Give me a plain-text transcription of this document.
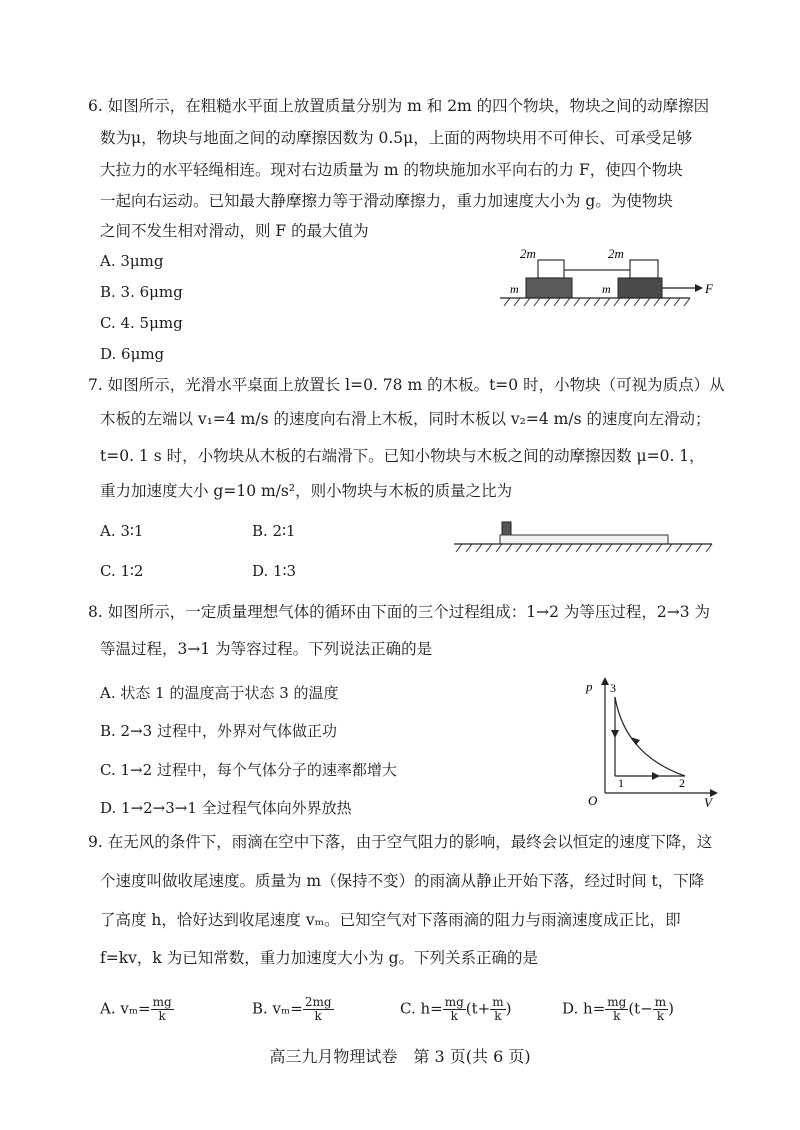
6. 如图所示，在粗糙水平面上放置质量分别为 m 和 2m 的四个物块，物块之间的动摩擦因
数为μ，物块与地面之间的动摩擦因数为 0.5μ，上面的两物块用不可伸长、可承受足够
大拉力的水平轻绳相连。现对右边质量为 m 的物块施加水平向右的力 F，使四个物块
一起向右运动。已知最大静摩擦力等于滑动摩擦力，重力加速度大小为 g。为使物块
之间不发生相对滑动，则 F 的最大值为
A. 3μmg
B. 3. 6μmg
C. 4. 5μmg
D. 6μmg
2m	2m
m	m	F
7. 如图所示，光滑水平桌面上放置长 l=0. 78 m 的木板。t=0 时，小物块（可视为质点）从
木板的左端以 v₁=4 m/s 的速度向右滑上木板，同时木板以 v₂=4 m/s 的速度向左滑动；
t=0. 1 s 时，小物块从木板的右端滑下。已知小物块与木板之间的动摩擦因数 μ=0. 1，
重力加速度大小 g=10 m/s²，则小物块与木板的质量之比为
A. 3∶1	B. 2∶1
C. 1∶2	D. 1∶3
8. 如图所示，一定质量理想气体的循环由下面的三个过程组成：1→2 为等压过程，2→3 为
等温过程，3→1 为等容过程。下列说法正确的是
A. 状态 1 的温度高于状态 3 的温度
B. 2→3 过程中，外界对气体做正功
C. 1→2 过程中，每个气体分子的速率都增大
D. 1→2→3→1 全过程气体向外界放热
p
V
O
3
1	2
9. 在无风的条件下，雨滴在空中下落，由于空气阻力的影响，最终会以恒定的速度下降，这
个速度叫做收尾速度。质量为 m（保持不变）的雨滴从静止开始下落，经过时间 t，下降
了高度 h，恰好达到收尾速度 vₘ。已知空气对下落雨滴的阻力与雨滴速度成正比，即
f=kv，k 为已知常数，重力加速度大小为 g。下列关系正确的是
A. $v_m= \frac{mg}{k}$	B. $v_m= \frac{2mg}{k}$	C. $h= \frac{mg}{k} (t+ \frac{m}{k}$ )	D. $h= \frac{mg}{k} (t- \frac{m}{k}$ )
高三九月物理试卷　第 3 页(共 6 页)
